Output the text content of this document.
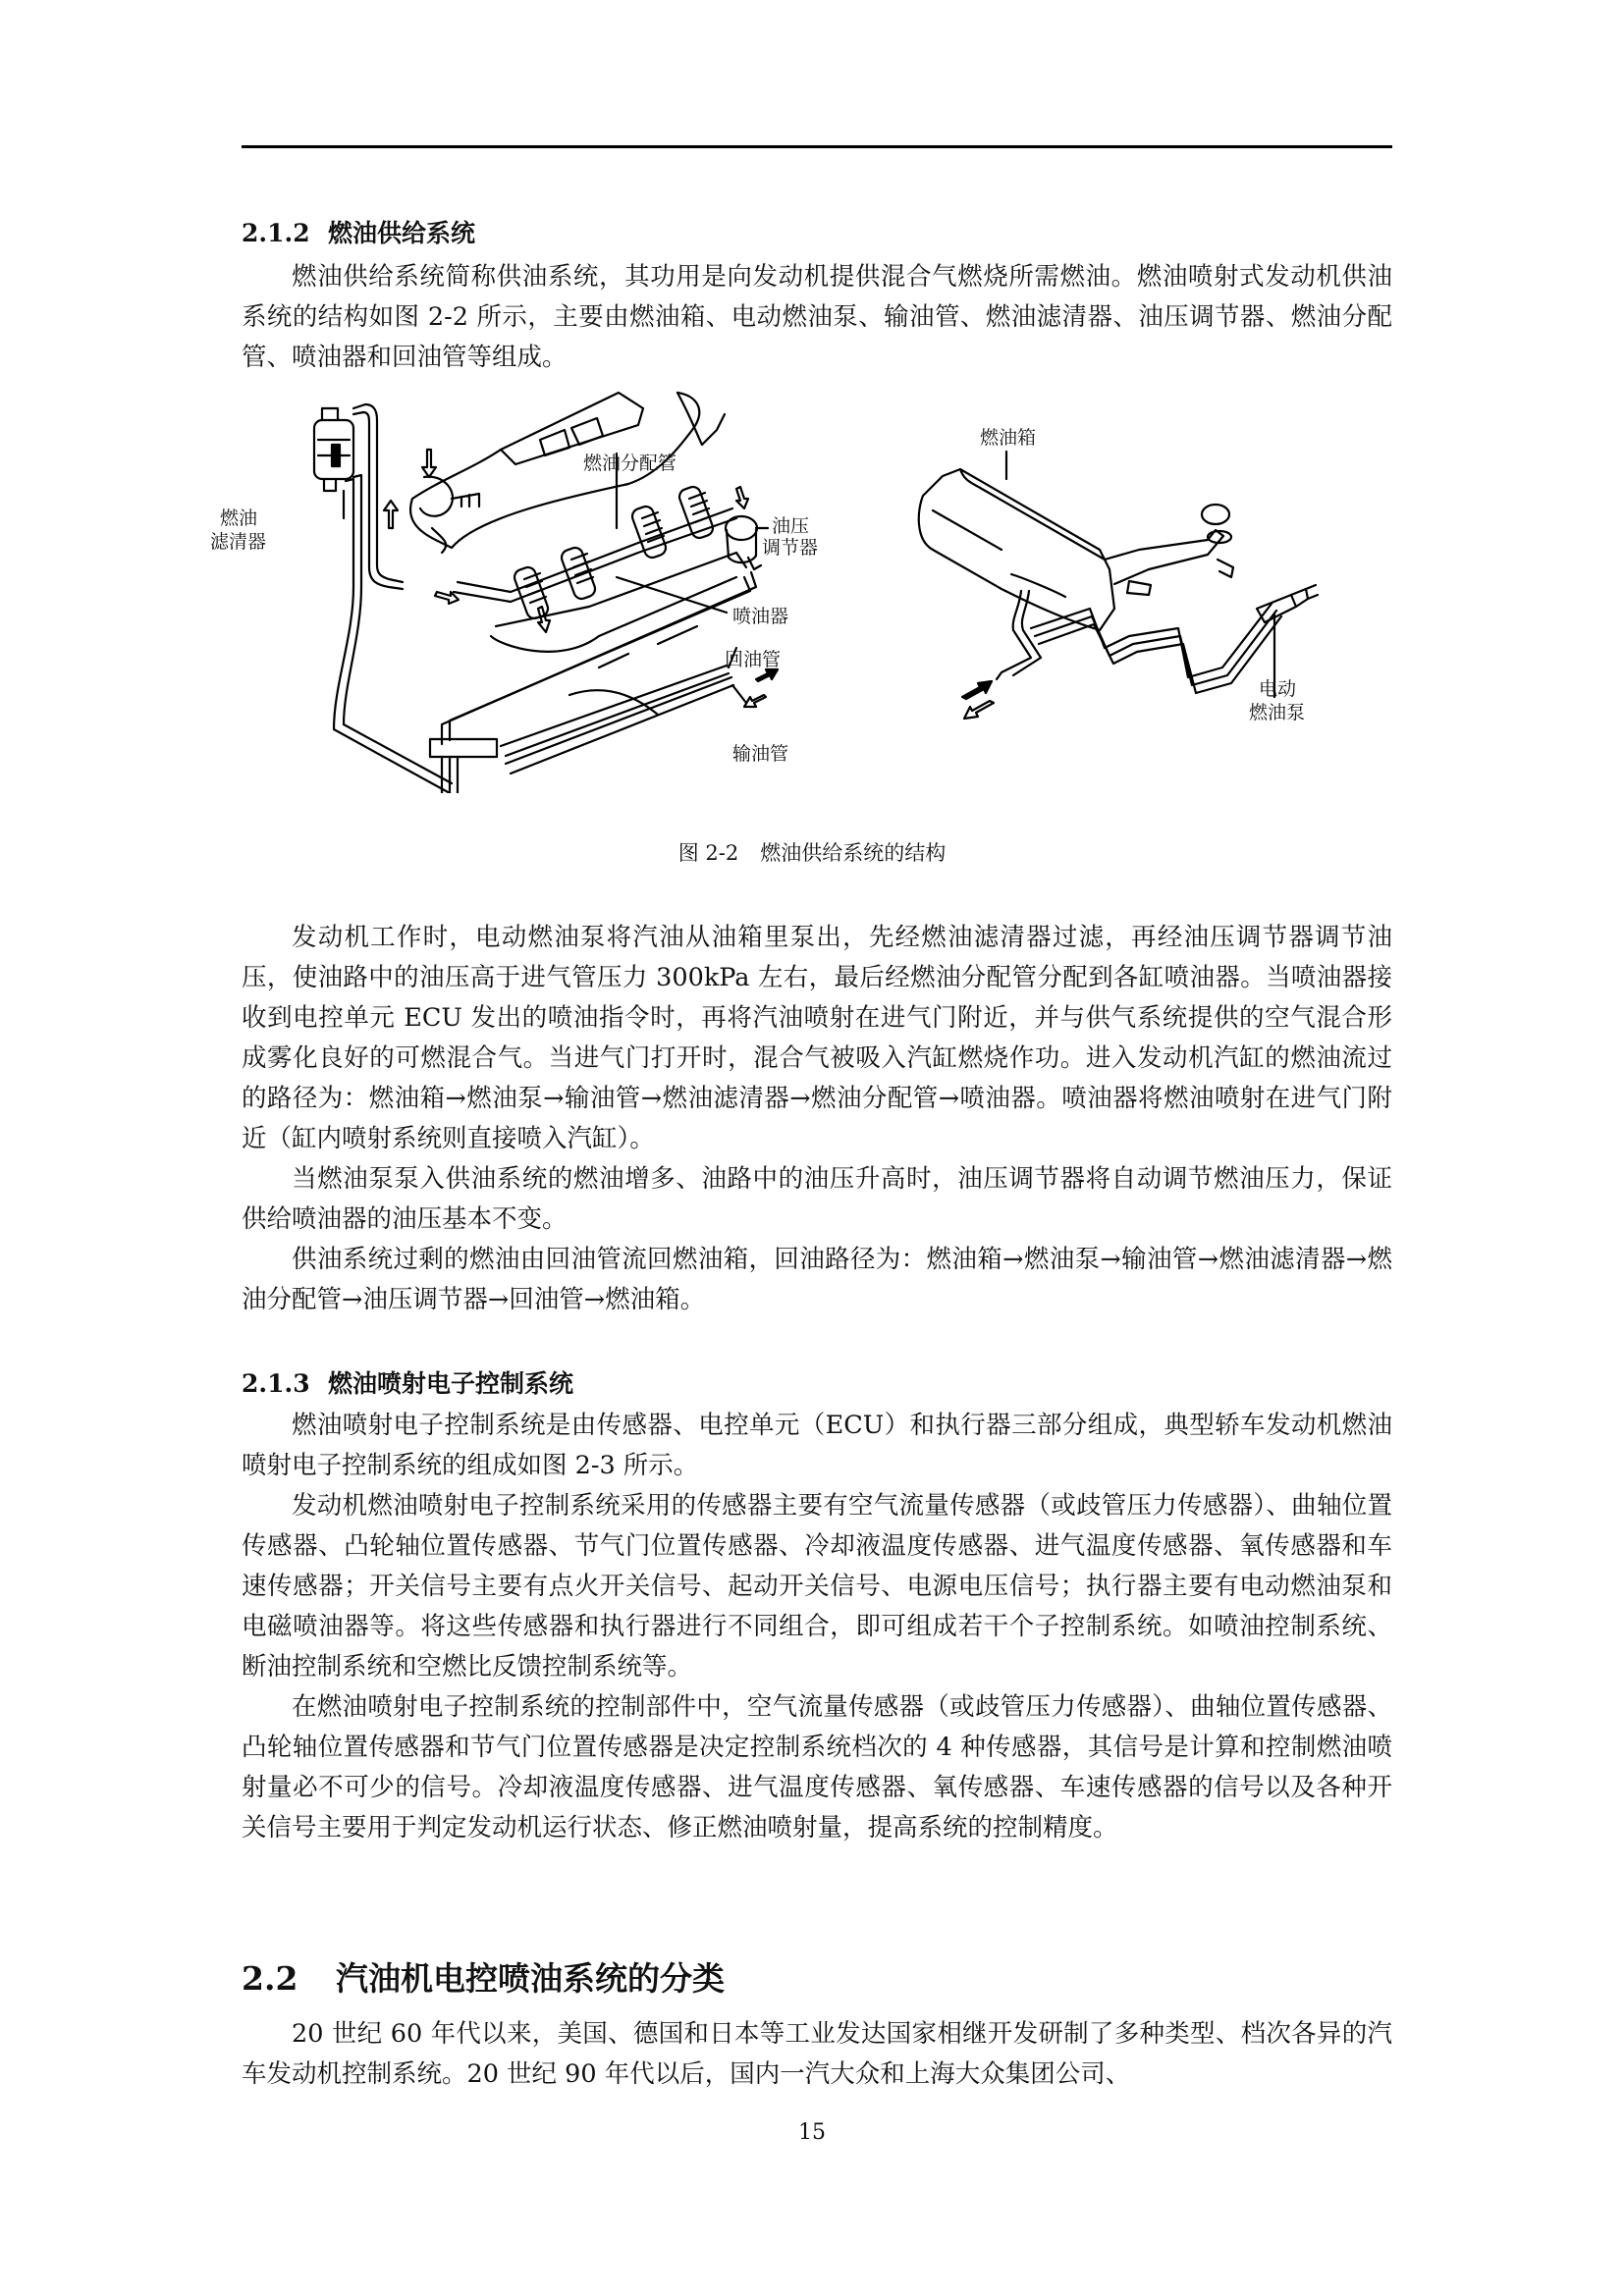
2.1.2 燃油供给系统

燃油供给系统简称供油系统，其功用是向发动机提供混合气燃烧所需燃油。燃油喷射式发动机供油系统的结构如图 2-2 所示，主要由燃油箱、电动燃油泵、输油管、燃油滤清器、油压调节器、燃油分配管、喷油器和回油管等组成。

燃油
滤清器
燃油分配管
油压
调节器
喷油器
回油管
输油管
燃油箱
电动
燃油泵
图 2-2 燃油供给系统的结构

发动机工作时，电动燃油泵将汽油从油箱里泵出，先经燃油滤清器过滤，再经油压调节器调节油压，使油路中的油压高于进气管压力 300kPa 左右，最后经燃油分配管分配到各缸喷油器。当喷油器接收到电控单元 ECU 发出的喷油指令时，再将汽油喷射在进气门附近，并与供气系统提供的空气混合形成雾化良好的可燃混合气。当进气门打开时，混合气被吸入汽缸燃烧作功。进入发动机汽缸的燃油流过的路径为：燃油箱→燃油泵→输油管→燃油滤清器→燃油分配管→喷油器。喷油器将燃油喷射在进气门附近（缸内喷射系统则直接喷入汽缸）。

当燃油泵泵入供油系统的燃油增多、油路中的油压升高时，油压调节器将自动调节燃油压力，保证供给喷油器的油压基本不变。

供油系统过剩的燃油由回油管流回燃油箱，回油路径为：燃油箱→燃油泵→输油管→燃油滤清器→燃油分配管→油压调节器→回油管→燃油箱。

2.1.3 燃油喷射电子控制系统

燃油喷射电子控制系统是由传感器、电控单元（ECU）和执行器三部分组成，典型轿车发动机燃油喷射电子控制系统的组成如图 2-3 所示。

发动机燃油喷射电子控制系统采用的传感器主要有空气流量传感器（或歧管压力传感器）、曲轴位置传感器、凸轮轴位置传感器、节气门位置传感器、冷却液温度传感器、进气温度传感器、氧传感器和车速传感器；开关信号主要有点火开关信号、起动开关信号、电源电压信号；执行器主要有电动燃油泵和电磁喷油器等。将这些传感器和执行器进行不同组合，即可组成若干个子控制系统。如喷油控制系统、断油控制系统和空燃比反馈控制系统等。

在燃油喷射电子控制系统的控制部件中，空气流量传感器（或歧管压力传感器）、曲轴位置传感器、凸轮轴位置传感器和节气门位置传感器是决定控制系统档次的 4 种传感器，其信号是计算和控制燃油喷射量必不可少的信号。冷却液温度传感器、进气温度传感器、氧传感器、车速传感器的信号以及各种开关信号主要用于判定发动机运行状态、修正燃油喷射量，提高系统的控制精度。

2.2 汽油机电控喷油系统的分类

20 世纪 60 年代以来，美国、德国和日本等工业发达国家相继开发研制了多种类型、档次各异的汽车发动机控制系统。20 世纪 90 年代以后，国内一汽大众和上海大众集团公司、

15
